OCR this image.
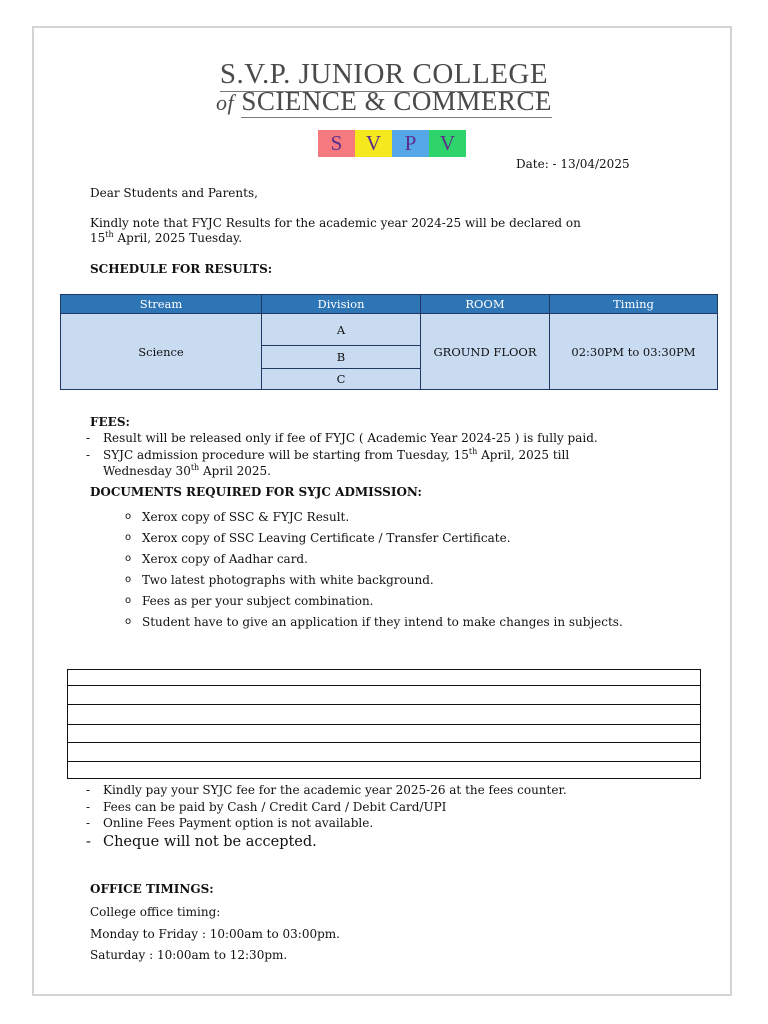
S.V.P. JUNIOR COLLEGE
of SCIENCE & COMMERCE
S	V	P	V
Date: - 13/04/2025
Dear Students and Parents,
Kindly note that FYJC Results for the academic year 2024-25 will be declared on
15th April, 2025 Tuesday.
SCHEDULE FOR RESULTS:
Stream	Division	ROOM	Timing
Science	A	GROUND FLOOR	02:30PM to 03:30PM
	B		
	C		
FEES:
-	Result will be released only if fee of FYJC ( Academic Year 2024-25 ) is fully paid.
-	SYJC admission procedure will be starting from Tuesday, 15th April, 2025 till
Wednesday 30th April 2025.
DOCUMENTS REQUIRED FOR SYJC ADMISSION:
o Xerox copy of SSC & FYJC Result.
o Xerox copy of SSC Leaving Certificate / Transfer Certificate.
o Xerox copy of Aadhar card.
o Two latest photographs with white background.
o Fees as per your subject combination.
o Student have to give an application if they intend to make changes in subjects.
-	Kindly pay your SYJC fee for the academic year 2025-26 at the fees counter.
-	Fees can be paid by Cash / Credit Card / Debit Card/UPI
-	Online Fees Payment option is not available.
- Cheque will not be accepted.
OFFICE TIMINGS:
College office timing:
Monday to Friday : 10:00am to 03:00pm.
Saturday : 10:00am to 12:30pm.
